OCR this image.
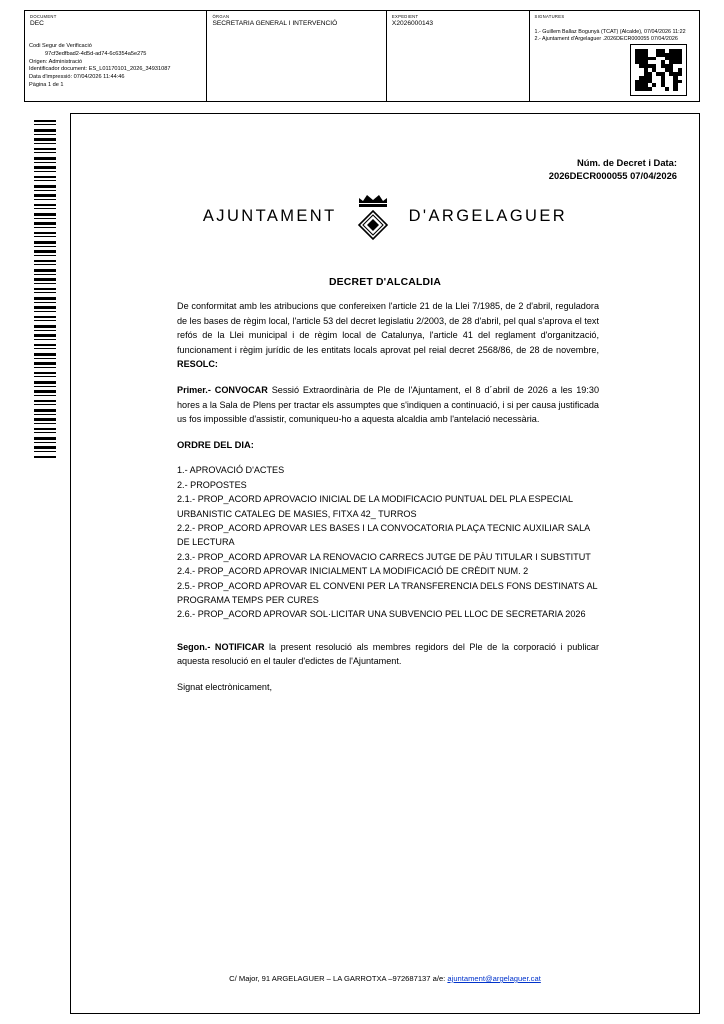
DOCUMENT
DEC
ÒRGAN
SECRETARIA GENERAL I INTERVENCIÓ
EXPEDIENT
X2026000143
SIGNATURES
1.- Guillem Ballaz Bogunyà (TCAT) (Alcalde), 07/04/2026 11:22
2.- Ajuntament d'Argelaguer .2026DECR000055 07/04/2026
Codi Segur de Verificació
97cf3edfbad2-4d5d-ad74-6c6354a5e275
Origen: Administració
Identificador document: ES_L01170101_2026_34931087
Data d'impressió: 07/04/2026 11:44:46
Pàgina 1 de 1
Núm. de Decret i Data:
2026DECR000055 07/04/2026
AJUNTAMENT	D'ARGELAGUER
DECRET D'ALCALDIA

De conformitat amb les atribucions que confereixen l'article 21 de la Llei 7/1985, de 2 d'abril, reguladora de les bases de règim local, l'article 53 del decret legislatiu 2/2003, de 28 d'abril, pel qual s'aprova el text refós de la Llei municipal i de règim local de Catalunya, l'article 41 del reglament d'organització, funcionament i règim jurídic de les entitats locals aprovat pel reial decret 2568/86, de 28 de novembre, RESOLC:

Primer.- CONVOCAR Sessió Extraordinària de Ple de l'Ajuntament, el 8 d´abril de 2026 a les 19:30 hores a la Sala de Plens per tractar els assumptes que s'indiquen a continuació, i si per causa justificada us fos impossible d'assistir, comuniqueu-ho a aquesta alcaldia amb l'antelació necessària.

ORDRE DEL DIA:

1.- APROVACIÓ D'ACTES

2.- PROPOSTES

2.1.- PROP_ACORD APROVACIO INICIAL DE LA MODIFICACIO PUNTUAL DEL PLA ESPECIAL URBANISTIC CATALEG DE MASIES, FITXA 42_ TURROS

2.2.- PROP_ACORD APROVAR LES BASES I LA CONVOCATORIA PLAÇA TECNIC AUXILIAR SALA DE LECTURA

2.3.- PROP_ACORD APROVAR LA RENOVACIO CARRECS JUTGE DE PÀU TITULAR I SUBSTITUT

2.4.- PROP_ACORD APROVAR INICIALMENT LA MODIFICACIÓ DE CRÈDIT NUM. 2

2.5.- PROP_ACORD APROVAR EL CONVENI PER LA TRANSFERENCIA DELS FONS DESTINATS AL PROGRAMA TEMPS PER CURES

2.6.- PROP_ACORD APROVAR SOL·LICITAR UNA SUBVENCIO PEL LLOC DE SECRETARIA 2026

Segon.- NOTIFICAR la present resolució als membres regidors del Ple de la corporació i publicar aquesta resolució en el tauler d'edictes de l'Ajuntament.

Signat electrònicament,

C/ Major, 91 ARGELAGUER – LA GARROTXA –972687137 a/e: ajuntament@argelaguer.cat
